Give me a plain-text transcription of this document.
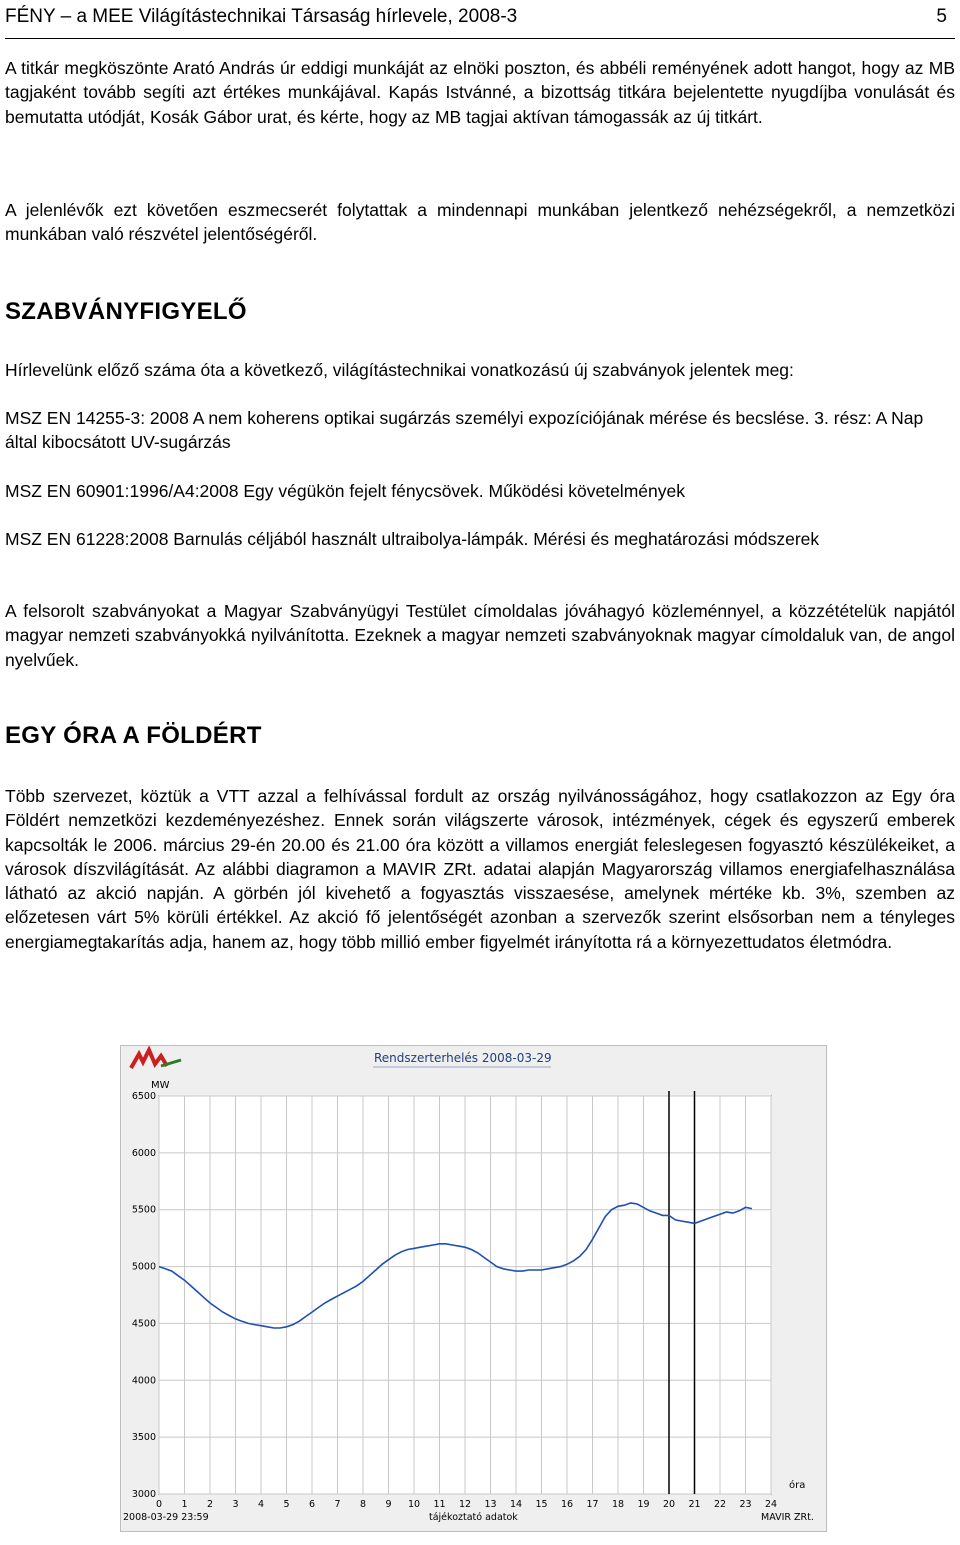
FÉNY – a MEE Világítástechnikai Társaság hírlevele, 2008-3	5

A titkár megköszönte Arató András úr eddigi munkáját az elnöki poszton, és abbéli reményének adott hangot, hogy az MB tagjaként tovább segíti azt értékes munkájával. Kapás Istvánné, a bizottság titkára bejelentette nyugdíjba vonulását és bemutatta utódját, Kosák Gábor urat, és kérte, hogy az MB tagjai aktívan támogassák az új titkárt.

A jelenlévők ezt követően eszmecserét folytattak a mindennapi munkában jelentkező nehézségekről, a nemzetközi munkában való részvétel jelentőségéről.

SZABVÁNYFIGYELŐ

Hírlevelünk előző száma óta a következő, világítástechnikai vonatkozású új szabványok jelentek meg:

MSZ EN 14255-3: 2008 A nem koherens optikai sugárzás személyi expozíciójának mérése és becslése. 3. rész: A Nap által kibocsátott UV-sugárzás

MSZ EN 60901:1996/A4:2008 Egy végükön fejelt fénycsövek. Működési követelmények

MSZ EN 61228:2008 Barnulás céljából használt ultraibolya-lámpák. Mérési és meghatározási módszerek

A felsorolt szabványokat a Magyar Szabványügyi Testület címoldalas jóváhagyó közleménnyel, a közzétételük napjától magyar nemzeti szabványokká nyilvánította. Ezeknek a magyar nemzeti szabványoknak magyar címoldaluk van, de angol nyelvűek.

EGY ÓRA A FÖLDÉRT

Több szervezet, köztük a VTT azzal a felhívással fordult az ország nyilvánosságához, hogy csatlakozzon az Egy óra Földért nemzetközi kezdeményezéshez. Ennek során világszerte városok, intézmények, cégek és egyszerű emberek kapcsolták le 2006. március 29-én 20.00 és 21.00 óra között a villamos energiát feleslegesen fogyasztó készülékeiket, a városok díszvilágítását. Az alábbi diagramon a MAVIR ZRt. adatai alapján Magyarország villamos energiafelhasználása látható az akció napján. A görbén jól kivehető a fogyasztás visszaesése, amelynek mértéke kb. 3%, szemben az előzetesen várt 5% körüli értékkel. Az akció fő jelentőségét azonban a szervezők szerint elsősorban nem a tényleges energiamegtakarítás adja, hanem az, hogy több millió ember figyelmét irányította rá a környezettudatos életmódra.

Rendszerterhelés 2008-03-29
MW
óra
6500
6000
5500
5000
4500
4000
3500
3000
0 1 2 3 4 5 6 7 8 9 10 11 12 13 14 15 16 17 18 19 20 21 22 23 24
2008-03-29 23:59	tájékoztató adatok	MAVIR ZRt.
